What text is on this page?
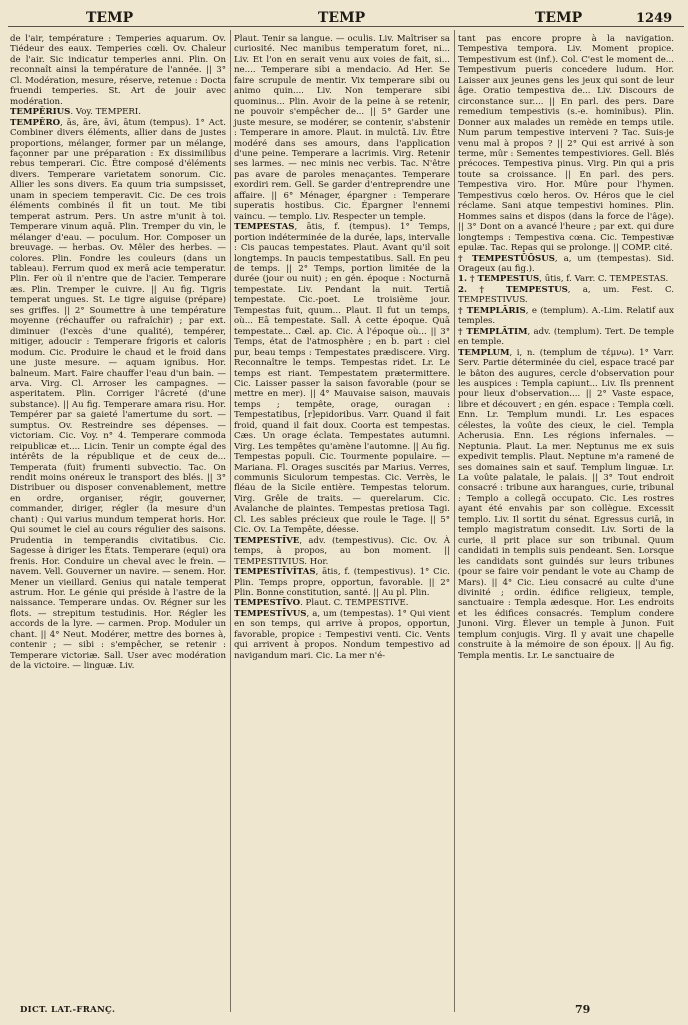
TEMP	TEMP	TEMP	1249

de l'air, température : Temperies aquarum. Ov. Tiédeur des eaux. Temperies cœli. Ov. Chaleur de l'air. Sic indicatur temperies anni. Plin. On reconnaît ainsi la température de l'année. || 3° Cl. Modération, mesure, réserve, retenue : Docta fruendi temperies. St. Art de jouir avec modération.

TEMPĔRIUS. Voy. TEMPERI.

TEMPĔRO, ās, āre, āvi, ātum (tempus). 1° Act. Combiner divers éléments, allier dans de justes proportions, mélanger, former par un mélange, façonner par une préparation : Ex dissimilibus rebus temperari. Cic. Être composé d'éléments divers. Temperare varietatem sonorum. Cic. Allier les sons divers. Ea quum tria sumpsisset, unam in speciem temperavit. Cic. De ces trois éléments combinés il fit un tout. Me tibi temperat astrum. Pers. Un astre m'unit à toi. Temperare vinum aquā. Plin. Tremper du vin, le mélanger d'eau. — poculum. Hor. Composer un breuvage. — herbas. Ov. Mêler des herbes. — colores. Plin. Fondre les couleurs (dans un tableau). Ferrum quod ex merā acie temperatur. Plin. Fer où il n'entre que de l'acier. Temperare æs. Plin. Tremper le cuivre. || Au fig. Tigris temperat ungues. St. Le tigre aiguise (prépare) ses griffes. || 2° Soumettre à une température moyenne (réchauffer ou rafraîchir) ; par ext. diminuer (l'excès d'une qualité), tempérer, mitiger, adoucir : Temperare frigoris et caloris modum. Cic. Produire le chaud et le froid dans une juste mesure. — aquam ignibus. Hor. balneum. Mart. Faire chauffer l'eau d'un bain. — arva. Virg. Cl. Arroser les campagnes. — asperitatem. Plin. Corriger l'âcreté (d'une substance). || Au fig. Temperare amara risu. Hor. Tempérer par sa gaieté l'amertume du sort. — sumptus. Ov. Restreindre ses dépenses. — victoriam. Cic. Voy. n° 4. Temperare commoda reipublicæ et.... Licin. Tenir un compte égal des intérêts de la république et de ceux de... Temperata (fuit) frumenti subvectio. Tac. On rendit moins onéreux le transport des blés. || 3° Distribuer ou disposer convenablement, mettre en ordre, organiser, régir, gouverner, commander, diriger, régler (la mesure d'un chant) : Qui varius mundum temperat horis. Hor. Qui soumet le ciel au cours régulier des saisons. Prudentia in temperandis civitatibus. Cic. Sagesse à diriger les États. Temperare (equi) ora frenis. Hor. Conduire un cheval avec le frein. — navem. Vell. Gouverner un navire. — senem. Hor. Mener un vieillard. Genius qui natale temperat astrum. Hor. Le génie qui préside à l'astre de la naissance. Temperare undas. Ov. Régner sur les flots. — strepitum testudinis. Hor. Régler les accords de la lyre. — carmen. Prop. Moduler un chant. || 4° Neut. Modérer, mettre des bornes à, contenir ; — sibi : s'empêcher, se retenir : Temperare victoriæ. Sall. User avec modération de la victoire. — linguæ. Liv.

Plaut. Tenir sa langue. — oculis. Liv. Maîtriser sa curiosité. Nec manibus temperatum foret, ni... Liv. Et l'on en serait venu aux voies de fait, si... ne.... Temperare sibi a mendacio. Ad Her. Se faire scrupule de mentir. Vix temperare sibi ou animo quin.... Liv. Non temperare sibi quominus... Plin. Avoir de la peine à se retenir, ne pouvoir s'empêcher de... || 5° Garder une juste mesure, se modérer, se contenir, s'abstenir : Temperare in amore. Plaut. in mulctā. Liv. Être modéré dans ses amours, dans l'application d'une peine. Temperare a lacrimis. Virg. Retenir ses larmes. — nec minis nec verbis. Tac. N'être pas avare de paroles menaçantes. Temperare exordiri rem. Gell. Se garder d'entreprendre une affaire. || 6° Ménager, épargner : Temperare superatis hostibus. Cic. Épargner l'ennemi vaincu. — templo. Liv. Respecter un temple.

TEMPESTAS, ātis, f. (tempus). 1° Temps, portion indéterminée de la durée, laps, intervalle : Cis paucas tempestates. Plaut. Avant qu'il soit longtemps. In paucis tempestatibus. Sall. En peu de temps. || 2° Temps, portion limitée de la durée (jour ou nuit) ; en gén. époque : Nocturnā tempestate. Liv. Pendant la nuit. Tertiā tempestate. Cic.-poet. Le troisième jour. Tempestas fuit, quum... Plaut. Il fut un temps, où... Eā tempestate. Sall. À cette époque. Quā tempestate... Cæl. ap. Cic. À l'époque où... || 3° Temps, état de l'atmosphère ; en b. part : ciel pur, beau temps : Tempestates prædiscere. Virg. Reconnaître le temps. Tempestas ridet. Lr. Le temps est riant. Tempestatem prætermittere. Cic. Laisser passer la saison favorable (pour se mettre en mer). || 4° Mauvaise saison, mauvais temps ; tempête, orage, ouragan : Tempestatibus, [r]epidoribus. Varr. Quand il fait froid, quand il fait doux. Coorta est tempestas. Cæs. Un orage éclata. Tempestates autumni. Virg. Les tempêtes qu'amène l'automne. || Au fig. Tempestas populi. Cic. Tourmente populaire. — Mariana. Fl. Orages suscités par Marius. Verres, communis Siculorum tempestas. Cic. Verrès, le fléau de la Sicile entière. Tempestas telorum. Virg. Grêle de traits. — querelarum. Cic. Avalanche de plaintes. Tempestas pretiosa Tagi. Cl. Les sables précieux que roule le Tage. || 5° Cic. Ov. La Tempête, déesse.

TEMPESTĪVE, adv. (tempestivus). Cic. Ov. À temps, à propos, au bon moment. || TEMPESTIVIUS. Hor.

TEMPESTĪVĬTAS, ātis, f. (tempestivus). 1° Cic. Plin. Temps propre, opportun, favorable. || 2° Plin. Bonne constitution, santé. || Au pl. Plin.

TEMPESTĪVO. Plaut. C. TEMPESTIVE.

TEMPESTĪVUS, a, um (tempestas). 1° Qui vient en son temps, qui arrive à propos, opportun, favorable, propice : Tempestivi venti. Cic. Vents qui arrivent à propos. Nondum tempestivo ad navigandum mari. Cic. La mer n'é-

tant pas encore propre à la navigation. Tempestiva tempora. Liv. Moment propice. Tempestivum est (inf.). Col. C'est le moment de... Tempestivum pueris concedere ludum. Hor. Laisser aux jeunes gens les jeux qui sont de leur âge. Oratio tempestiva de... Liv. Discours de circonstance sur.... || En parl. des pers. Dare remedium tempestivis (s.-e. hominibus). Plin. Donner aux malades un remède en temps utile. Num parum tempestive interveni ? Tac. Suis-je venu mal à propos ? || 2° Qui est arrivé à son terme, mûr : Sementes tempestiviores. Gell. Blés précoces. Tempestiva pinus. Virg. Pin qui a pris toute sa croissance. || En parl. des pers. Tempestiva viro. Hor. Mûre pour l'hymen. Tempestivus cœlo heros. Ov. Héros que le ciel réclame. Sani atque tempestivi homines. Plin. Hommes sains et dispos (dans la force de l'âge). || 3° Dont on a avancé l'heure ; par ext. qui dure longtemps : Tempestiva cœna. Cic. Tempestivæ epulæ. Tac. Repas qui se prolonge. || COMP. cité.

† TEMPESTŪŌSUS, a, um (tempestas). Sid. Orageux (au fig.).

1. † TEMPESTUS, ūtis, f. Varr. C. TEMPESTAS.

2. † TEMPESTUS, a, um. Fest. C. TEMPESTIVUS.

† TEMPLĀRIS, e (templum). A.-Lim. Relatif aux temples.

† TEMPLĀTIM, adv. (templum). Tert. De temple en temple.

TEMPLUM, i, n. (templum de τέμνω). 1° Varr. Serv. Partie déterminée du ciel, espace tracé par le bâton des augures, cercle d'observation pour les auspices : Templa capiunt... Liv. Ils prennent pour lieux d'observation.... || 2° Vaste espace, libre et découvert ; en gén. espace : Templa cœli. Enn. Lr. Templum mundi. Lr. Les espaces célestes, la voûte des cieux, le ciel. Templa Acherusia. Enn. Les régions infernales. — Neptunia. Plaut. La mer. Neptunus me ex suis expedivit templis. Plaut. Neptune m'a ramené de ses domaines sain et sauf. Templum linguæ. Lr. La voûte palatale, le palais. || 3° Tout endroit consacré : tribune aux harangues, curie, tribunal : Templo a collegā occupato. Cic. Les rostres ayant été envahis par son collègue. Excessit templo. Liv. Il sortit du sénat. Egressus curiā, in templo magistratum consedit. Liv. Sorti de la curie, il prit place sur son tribunal. Quum candidati in templis suis pendeant. Sen. Lorsque les candidats sont guindés sur leurs tribunes (pour se faire voir pendant le vote au Champ de Mars). || 4° Cic. Lieu consacré au culte d'une divinité ; ordin. édifice religieux, temple, sanctuaire : Templa ædesque. Hor. Les endroits et les édifices consacrés. Templum condere Junoni. Virg. Élever un temple à Junon. Fuit templum conjugis. Virg. Il y avait une chapelle construite à la mémoire de son époux. || Au fig. Templa mentis. Lr. Le sanctuaire de

DICT. LAT.-FRANÇ.	79
